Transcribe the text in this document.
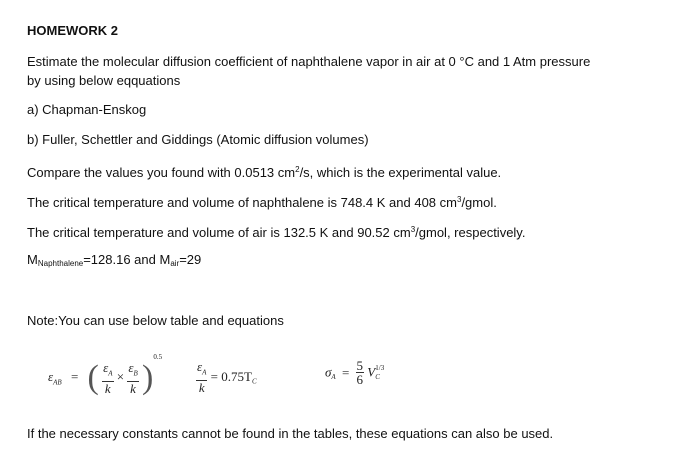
HOMEWORK 2
Estimate the molecular diffusion coefficient of naphthalene vapor in air at 0 °C and 1 Atm pressure
by using below eqquations
a) Chapman-Enskog
b) Fuller, Schettler and Giddings (Atomic diffusion volumes)
Compare the values you found with 0.0513 $cm^2/s$, which is the experimental value.
The critical temperature and volume of naphthalene is 748.4 K and 408 $cm^3$/gmol.
The critical temperature and volume of air is 132.5 K and 90.52 $cm^3$/gmol, respectively.
$M_{Naphthalene}=128.16$ and $M_{air}=29$
Note:You can use below table and equations
$\varepsilon_{AB}$ = ( $\frac{\varepsilon_A}{k} \times \frac{\varepsilon_B}{k} )^{0.5}$
$\frac{\varepsilon_A}{k} = 0.75T_C$
$\sigma_A = \frac{5}{6}$ V 1/3
C
If the necessary constants cannot be found in the tables, these equations can also be used.
